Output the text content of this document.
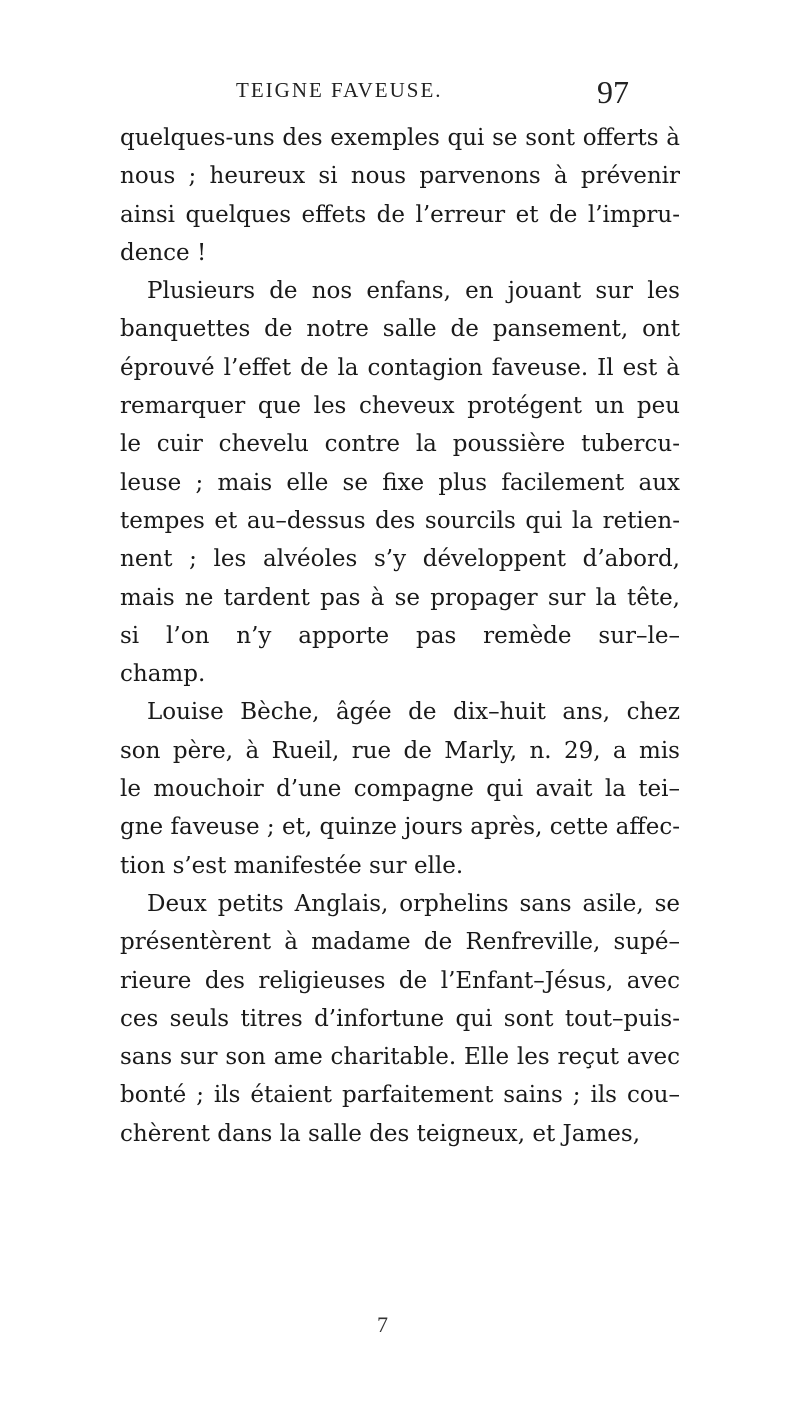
TEIGNE FAVEUSE.	97
quelques-uns des exemples qui se sont offerts à
nous ; heureux si nous parvenons à prévenir
ainsi quelques effets de l’erreur et de l’impru-
dence !
Plusieurs de nos enfans, en jouant sur les
banquettes de notre salle de pansement, ont
éprouvé l’effet de la contagion faveuse. Il est à
remarquer que les cheveux protégent un peu
le cuir chevelu contre la poussière tubercu-
leuse ; mais elle se fixe plus facilement aux
tempes et au–dessus des sourcils qui la retien-
nent ; les alvéoles s’y développent d’abord,
mais ne tardent pas à se propager sur la tête,
si l’on n’y apporte pas remède sur–le–
champ.
Louise Bèche, âgée de dix–huit ans, chez
son père, à Rueil, rue de Marly, n. 29, a mis
le mouchoir d’une compagne qui avait la tei–
gne faveuse ; et, quinze jours après, cette affec-
tion s’est manifestée sur elle.
Deux petits Anglais, orphelins sans asile, se
présentèrent à madame de Renfreville, supé–
rieure des religieuses de l’Enfant–Jésus, avec
ces seuls titres d’infortune qui sont tout–puis-
sans sur son ame charitable. Elle les reçut avec
bonté ; ils étaient parfaitement sains ; ils cou–
chèrent dans la salle des teigneux, et James,
7
